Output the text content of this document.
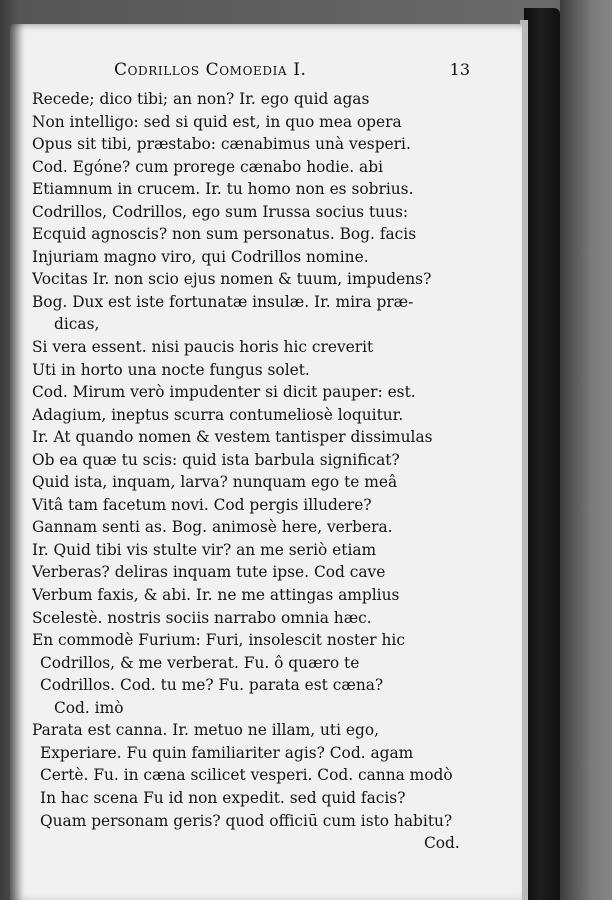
Codrillos Comoedia I.	13
Recede; dico tibi; an non? Ir. ego quid agas
Non intelligo: sed si quid est, in quo mea opera
Opus sit tibi, præstabo: cænabimus unà vesperi.
Cod. Egóne? cum prorege cænabo hodie. abi
Etiamnum in crucem. Ir. tu homo non es sobrius.
Codrillos, Codrillos, ego sum Irussa socius tuus:
Ecquid agnoscis? non sum personatus. Bog. facis
Injuriam magno viro, qui Codrillos nomine.
Vocitas Ir. non scio ejus nomen & tuum, impudens?
Bog. Dux est iste fortunatæ insulæ. Ir. mira præ-
dicas,
Si vera essent. nisi paucis horis hic creverit
Uti in horto una nocte fungus solet.
Cod. Mirum verò impudenter si dicit pauper: est.
Adagium, ineptus scurra contumeliosè loquitur.
Ir. At quando nomen & vestem tantisper dissimulas
Ob ea quæ tu scis: quid ista barbula significat?
Quid ista, inquam, larva? nunquam ego te meâ
Vitâ tam facetum novi. Cod pergis illudere?
Gannam senti as. Bog. animosè here, verbera.
Ir. Quid tibi vis stulte vir? an me seriò etiam
Verberas? deliras inquam tute ipse. Cod cave
Verbum faxis, & abi. Ir. ne me attingas amplius
Scelestè. nostris sociis narrabo omnia hæc.
En commodè Furium: Furi, insolescit noster hic
Codrillos, & me verberat. Fu. ô quæro te
Codrillos. Cod. tu me? Fu. parata est cæna?
Cod. imò
Parata est canna. Ir. metuo ne illam, uti ego,
Experiare. Fu quin familiariter agis? Cod. agam
Certè. Fu. in cæna scilicet vesperi. Cod. canna modò
In hac scena Fu id non expedit. sed quid facis?
Quam personam geris? quod officiū cum isto habitu?
Cod.
